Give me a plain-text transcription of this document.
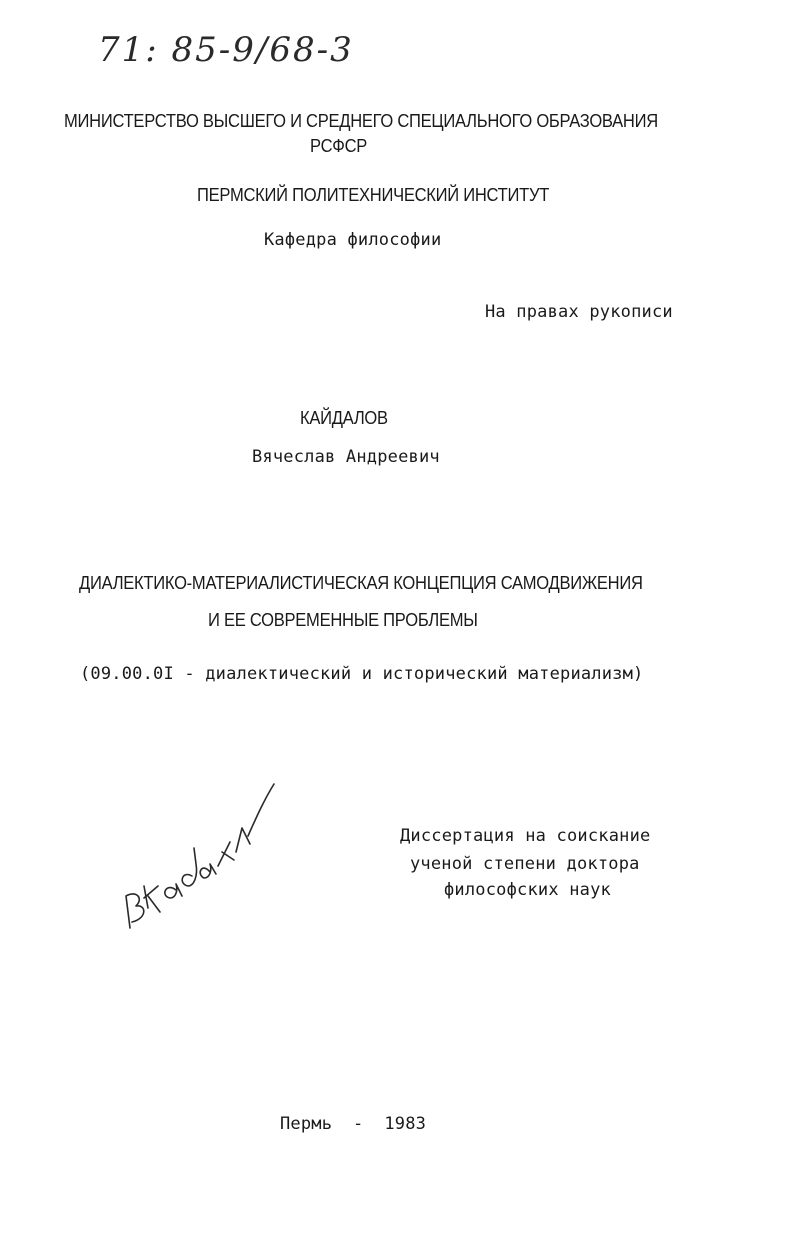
71: 85-9/68-3
МИНИСТЕРСТВО ВЫСШЕГО И СРЕДНЕГО СПЕЦИАЛЬНОГО ОБРАЗОВАНИЯ
РСФСР
ПЕРМСКИЙ ПОЛИТЕХНИЧЕСКИЙ ИНСТИТУТ
Кафедра философии
На правах рукописи
КАЙДАЛОВ
Вячеслав Андреевич
ДИАЛЕКТИКО-МАТЕРИАЛИСТИЧЕСКАЯ КОНЦЕПЦИЯ САМОДВИЖЕНИЯ
И ЕЕ СОВРЕМЕННЫЕ ПРОБЛЕМЫ
(09.00.0I - диалектический и исторический материализм)
Диссертация на соискание
ученой степени доктора
философских наук
Пермь  -  1983
